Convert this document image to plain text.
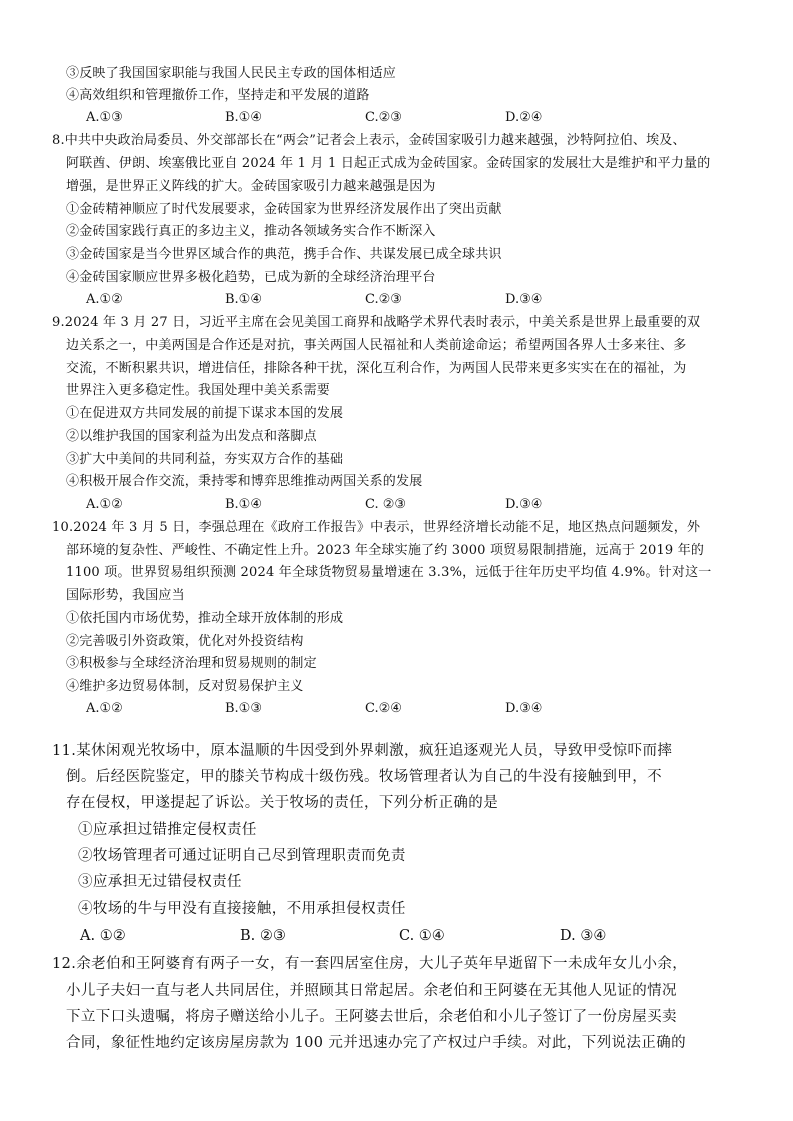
③反映了我国国家职能与我国人民民主专政的国体相适应
④高效组织和管理撤侨工作，坚持走和平发展的道路
A.①③	B.①④	C.②③	D.②④
8.中共中央政治局委员、外交部部长在“两会”记者会上表示，金砖国家吸引力越来越强，沙特阿拉伯、埃及、
阿联酋、伊朗、埃塞俄比亚自 2024 年 1 月 1 日起正式成为金砖国家。金砖国家的发展壮大是维护和平力量的
增强，是世界正义阵线的扩大。金砖国家吸引力越来越强是因为
①金砖精神顺应了时代发展要求，金砖国家为世界经济发展作出了突出贡献
②金砖国家践行真正的多边主义，推动各领域务实合作不断深入
③金砖国家是当今世界区域合作的典范，携手合作、共谋发展已成全球共识
④金砖国家顺应世界多极化趋势，已成为新的全球经济治理平台
A.①②	B.①④	C.②③	D.③④
9.2024 年 3 月 27 日，习近平主席在会见美国工商界和战略学术界代表时表示，中美关系是世界上最重要的双
边关系之一，中美两国是合作还是对抗，事关两国人民福祉和人类前途命运；希望两国各界人士多来往、多
交流，不断积累共识，增进信任，排除各种干扰，深化互利合作，为两国人民带来更多实实在在的福祉，为
世界注入更多稳定性。我国处理中美关系需要
①在促进双方共同发展的前提下谋求本国的发展
②以维护我国的国家利益为出发点和落脚点
③扩大中美间的共同利益，夯实双方合作的基础
④积极开展合作交流，秉持零和博弈思维推动两国关系的发展
A.①②	B.①④	C. ②③	D.③④
10.2024 年 3 月 5 日，李强总理在《政府工作报告》中表示，世界经济增长动能不足，地区热点问题频发，外
部环境的复杂性、严峻性、不确定性上升。2023 年全球实施了约 3000 项贸易限制措施，远高于 2019 年的
1100 项。世界贸易组织预测 2024 年全球货物贸易量增速在 3.3%，远低于往年历史平均值 4.9%。针对这一
国际形势，我国应当
①依托国内市场优势，推动全球开放体制的形成
②完善吸引外资政策，优化对外投资结构
③积极参与全球经济治理和贸易规则的制定
④维护多边贸易体制，反对贸易保护主义
A.①②	B.①③	C.②④	D.③④
11.某休闲观光牧场中，原本温顺的牛因受到外界刺激，疯狂追逐观光人员，导致甲受惊吓而摔
倒。后经医院鉴定，甲的膝关节构成十级伤残。牧场管理者认为自己的牛没有接触到甲，不
存在侵权，甲遂提起了诉讼。关于牧场的责任，下列分析正确的是
①应承担过错推定侵权责任
②牧场管理者可通过证明自己尽到管理职责而免责
③应承担无过错侵权责任
④牧场的牛与甲没有直接接触，不用承担侵权责任
A. ①②	B. ②③	C. ①④	D. ③④
12.余老伯和王阿婆育有两子一女，有一套四居室住房，大儿子英年早逝留下一未成年女儿小余，
小儿子夫妇一直与老人共同居住，并照顾其日常起居。余老伯和王阿婆在无其他人见证的情况
下立下口头遗嘱，将房子赠送给小儿子。王阿婆去世后，余老伯和小儿子签订了一份房屋买卖
合同，象征性地约定该房屋房款为 100 元并迅速办完了产权过户手续。对此，下列说法正确的
